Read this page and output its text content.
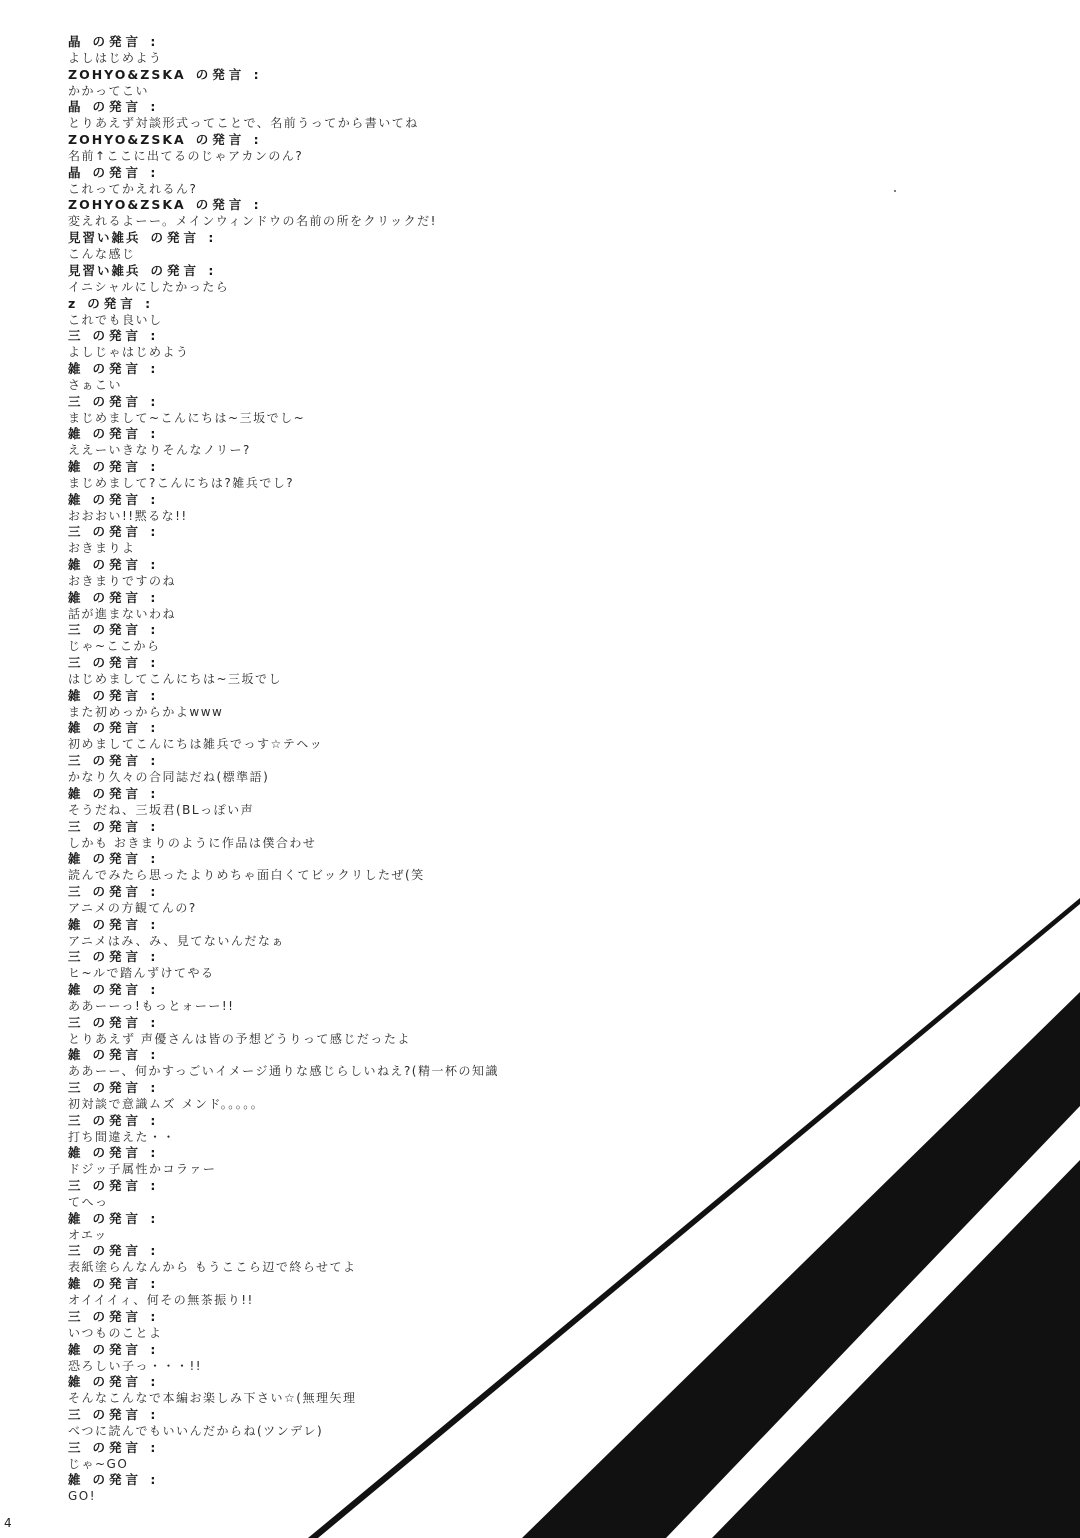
晶 の発言 :
よしはじめよう
ZOHYO&ZSKA の発言 :
かかってこい
晶 の発言 :
とりあえず対談形式ってことで、名前うってから書いてね
ZOHYO&ZSKA の発言 :
名前↑ここに出てるのじゃアカンのん?
晶 の発言 :
これってかえれるん?
ZOHYO&ZSKA の発言 :
変えれるよーー。メインウィンドウの名前の所をクリックだ!
見習い雑兵 の発言 :
こんな感じ
見習い雑兵 の発言 :
イニシャルにしたかったら
z の発言 :
これでも良いし
三 の発言 :
よしじゃはじめよう
雑 の発言 :
さぁこい
三 の発言 :
まじめまして~こんにちは~三坂でし~
雑 の発言 :
ええーいきなりそんなノリー?
雑 の発言 :
まじめまして?こんにちは?雑兵でし?
雑 の発言 :
おおおい!!黙るな!!
三 の発言 :
おきまりよ
雑 の発言 :
おきまりですのね
雑 の発言 :
話が進まないわね
三 の発言 :
じゃ~ここから
三 の発言 :
はじめましてこんにちは~三坂でし
雑 の発言 :
また初めっからかよwww
雑 の発言 :
初めましてこんにちは雑兵でっす☆テヘッ
三 の発言 :
かなり久々の合同誌だね(標準語)
雑 の発言 :
そうだね、三坂君(BLっぽい声
三 の発言 :
しかも おきまりのように作品は僕合わせ
雑 の発言 :
読んでみたら思ったよりめちゃ面白くてビックリしたぜ(笑
三 の発言 :
アニメの方観てんの?
雑 の発言 :
アニメはみ、み、見てないんだなぁ
三 の発言 :
ヒ~ルで踏んずけてやる
雑 の発言 :
ああーーっ!もっとォーー!!
三 の発言 :
とりあえず 声優さんは皆の予想どうりって感じだったよ
雑 の発言 :
ああーー、何かすっごいイメージ通りな感じらしいねえ?(精一杯の知識
三 の発言 :
初対談で意識ムズ メンド。。。。。
三 の発言 :
打ち間違えた・・
雑 の発言 :
ドジッ子属性かコラァー
三 の発言 :
てへっ
雑 の発言 :
オエッ
三 の発言 :
表紙塗らんなんから もうここら辺で終らせてよ
雑 の発言 :
オイイイィ、何その無茶振り!!
三 の発言 :
いつものことよ
雑 の発言 :
恐ろしい子っ・・・!!
雑 の発言 :
そんなこんなで本編お楽しみ下さい☆(無理矢理
三 の発言 :
べつに読んでもいいんだからね(ツンデレ)
三 の発言 :
じゃ~GO
雑 の発言 :
GO!
4
